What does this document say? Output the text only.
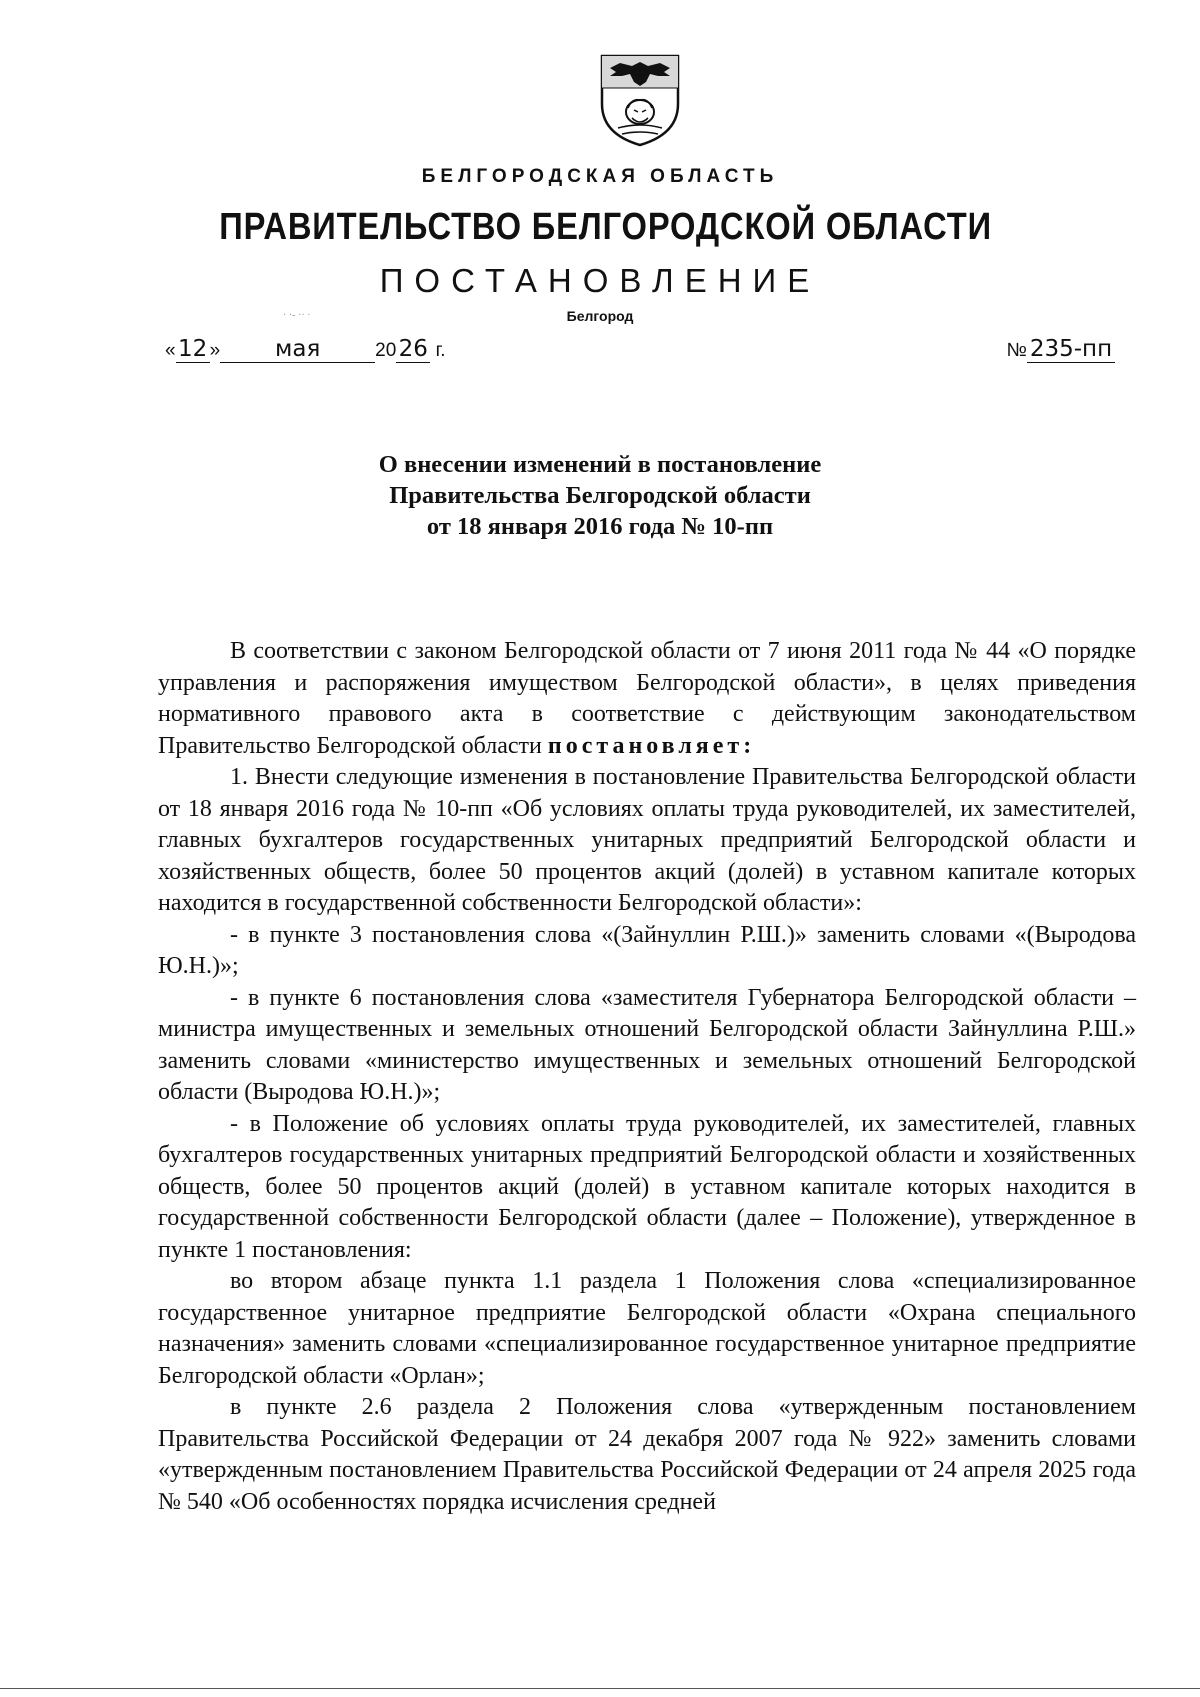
БЕЛГОРОДСКАЯ ОБЛАСТЬ
ПРАВИТЕЛЬСТВО БЕЛГОРОДСКОЙ ОБЛАСТИ
ПОСТАНОВЛЕНИЕ
Белгород
· ·- ·· ·
« 12 » мая	20 26 г.	№ 235-пп
О внесении изменений в постановление
Правительства Белгородской области
от 18 января 2016 года № 10-пп

В соответствии с законом Белгородской области от 7 июня 2011 года № 44 «О порядке управления и распоряжения имуществом Белгородской области», в целях приведения нормативного правового акта в соответствие с действующим законодательством Правительство Белгородской области постановляет:

1. Внести следующие изменения в постановление Правительства Белгородской области от 18 января 2016 года № 10-пп «Об условиях оплаты труда руководителей, их заместителей, главных бухгалтеров государственных унитарных предприятий Белгородской области и хозяйственных обществ, более 50 процентов акций (долей) в уставном капитале которых находится в государственной собственности Белгородской области»:

- в пункте 3 постановления слова «(Зайнуллин Р.Ш.)» заменить словами «(Выродова Ю.Н.)»;

- в пункте 6 постановления слова «заместителя Губернатора Белгородской области – министра имущественных и земельных отношений Белгородской области Зайнуллина Р.Ш.» заменить словами «министерство имущественных и земельных отношений Белгородской области (Выродова Ю.Н.)»;

- в Положение об условиях оплаты труда руководителей, их заместителей, главных бухгалтеров государственных унитарных предприятий Белгородской области и хозяйственных обществ, более 50 процентов акций (долей) в уставном капитале которых находится в государственной собственности Белгородской области (далее – Положение), утвержденное в пункте 1 постановления:

во втором абзаце пункта 1.1 раздела 1 Положения слова «специализированное государственное унитарное предприятие Белгородской области «Охрана специального назначения» заменить словами «специализированное государственное унитарное предприятие Белгородской области «Орлан»;

в пункте 2.6 раздела 2 Положения слова «утвержденным постановлением Правительства Российской Федерации от 24 декабря 2007 года № 922» заменить словами «утвержденным постановлением Правительства Российской Федерации от 24 апреля 2025 года № 540 «Об особенностях порядка исчисления средней
